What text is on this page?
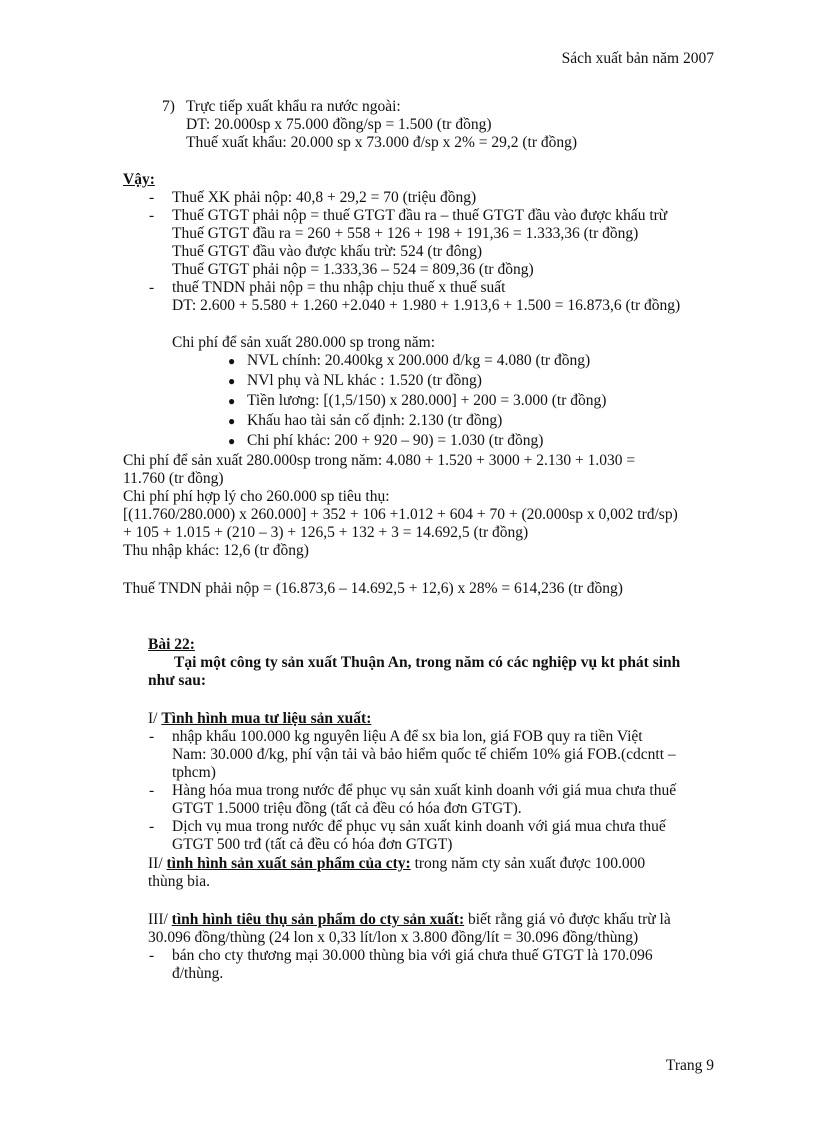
Sách xuất bản năm 2007
7) Trực tiếp xuất khẩu ra nước ngoài:
DT: 20.000sp x 75.000 đồng/sp = 1.500 (tr đồng)
Thuế xuất khẩu: 20.000 sp x 73.000 đ/sp x 2% = 29,2 (tr đồng)
Vậy:
- Thuế XK phải nộp: 40,8 + 29,2 = 70 (triệu đồng)
- Thuế GTGT phải nộp = thuế GTGT đầu ra – thuế GTGT đầu vào được khấu trừ
Thuế GTGT đầu ra = 260 + 558 + 126 + 198 + 191,36 = 1.333,36 (tr đồng)
Thuế GTGT đầu vào được khấu trừ: 524 (tr đông)
Thuế GTGT phải nộp = 1.333,36 – 524 = 809,36 (tr đồng)
- thuế TNDN phải nộp = thu nhập chịu thuế x thuế suất
DT: 2.600 + 5.580 + 1.260 +2.040 + 1.980 + 1.913,6 + 1.500 = 16.873,6 (tr đồng)
Chi phí để sản xuất 280.000 sp trong năm:
● NVL chính: 20.400kg x 200.000 đ/kg = 4.080 (tr đồng)
● NVl phụ và NL khác : 1.520 (tr đồng)
● Tiền lương: [(1,5/150) x 280.000] + 200 = 3.000 (tr đồng)
● Khấu hao tài sản cố định: 2.130 (tr đồng)
● Chi phí khác: 200 + 920 – 90) = 1.030 (tr đồng)
Chi phí để sản xuất 280.000sp trong năm: 4.080 + 1.520 + 3000 + 2.130 + 1.030 =
11.760 (tr đồng)
Chi phí phí hợp lý cho 260.000 sp tiêu thụ:
[(11.760/280.000) x 260.000] + 352 + 106 +1.012 + 604 + 70 + (20.000sp x 0,002 trđ/sp)
+ 105 + 1.015 + (210 – 3) + 126,5 + 132 + 3 = 14.692,5 (tr đồng)
Thu nhập khác: 12,6 (tr đồng)
Thuế TNDN phải nộp = (16.873,6 – 14.692,5 + 12,6) x 28% = 614,236 (tr đồng)
Bài 22:
Tại một công ty sản xuất Thuận An, trong năm có các nghiệp vụ kt phát sinh
như sau:
I/ Tình hình mua tư liệu sản xuất:
- nhập khẩu 100.000 kg nguyên liệu A để sx bia lon, giá FOB quy ra tiền Việt
Nam: 30.000 đ/kg, phí vận tải và bảo hiểm quốc tế chiếm 10% giá FOB.(cdcntt –
tphcm)
- Hàng hóa mua trong nước để phục vụ sản xuất kinh doanh với giá mua chưa thuế
GTGT 1.5000 triệu đồng (tất cả đều có hóa đơn GTGT).
- Dịch vụ mua trong nước để phục vụ sản xuất kinh doanh với giá mua chưa thuế
GTGT 500 trđ (tất cả đều có hóa đơn GTGT)
II/ tình hình sản xuất sản phẩm của cty: trong năm cty sản xuất được 100.000
thùng bia.
III/ tình hình tiêu thụ sản phẩm do cty sản xuất: biết rằng giá vỏ được khấu trừ là
30.096 đồng/thùng (24 lon x 0,33 lít/lon x 3.800 đồng/lít = 30.096 đồng/thùng)
- bán cho cty thương mại 30.000 thùng bia với giá chưa thuế GTGT là 170.096
đ/thùng.
Trang 9
